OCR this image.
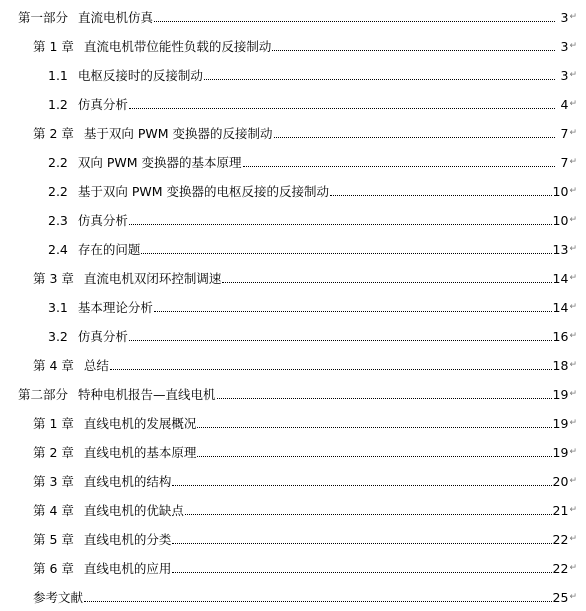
第一部分 直流电机仿真	3 ↵
第 1 章 直流电机带位能性负载的反接制动	3 ↵
1.1 电枢反接时的反接制动	3 ↵
1.2 仿真分析	4 ↵
第 2 章 基于双向 PWM 变换器的反接制动	7 ↵
2.2 双向 PWM 变换器的基本原理	7 ↵
2.2 基于双向 PWM 变换器的电枢反接的反接制动	10 ↵
2.3 仿真分析	10 ↵
2.4 存在的问题	13 ↵
第 3 章 直流电机双闭环控制调速	14 ↵
3.1 基本理论分析	14 ↵
3.2 仿真分析	16 ↵
第 4 章 总结	18 ↵
第二部分 特种电机报告—直线电机	19 ↵
第 1 章 直线电机的发展概况	19 ↵
第 2 章 直线电机的基本原理	19 ↵
第 3 章 直线电机的结构	20 ↵
第 4 章 直线电机的优缺点	21 ↵
第 5 章 直线电机的分类	22 ↵
第 6 章 直线电机的应用	22 ↵
参考文献	25 ↵
